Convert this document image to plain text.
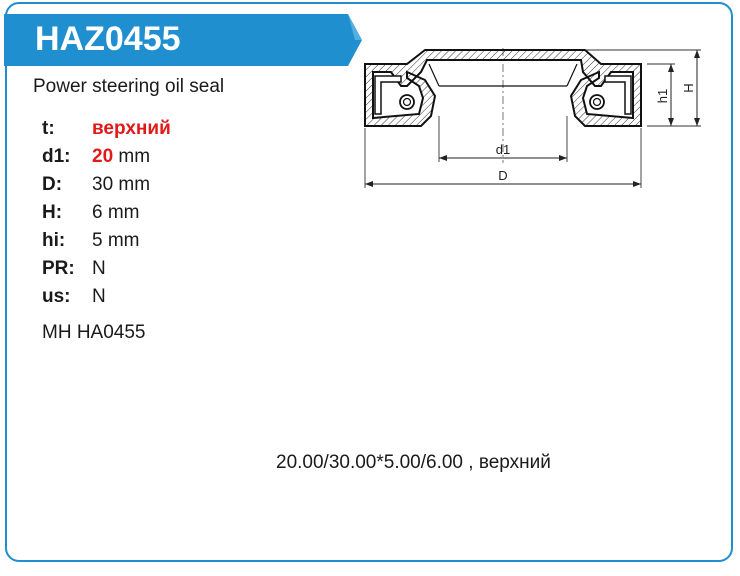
HAZ0455
Power steering oil seal
t:	верхний
d1:	20 mm
D:	30 mm
H:	6 mm
hi:	5 mm
PR: N
us:	N
MH HA0455
20.00/30.00*5.00/6.00 , верхний
d1
D
h1
H
